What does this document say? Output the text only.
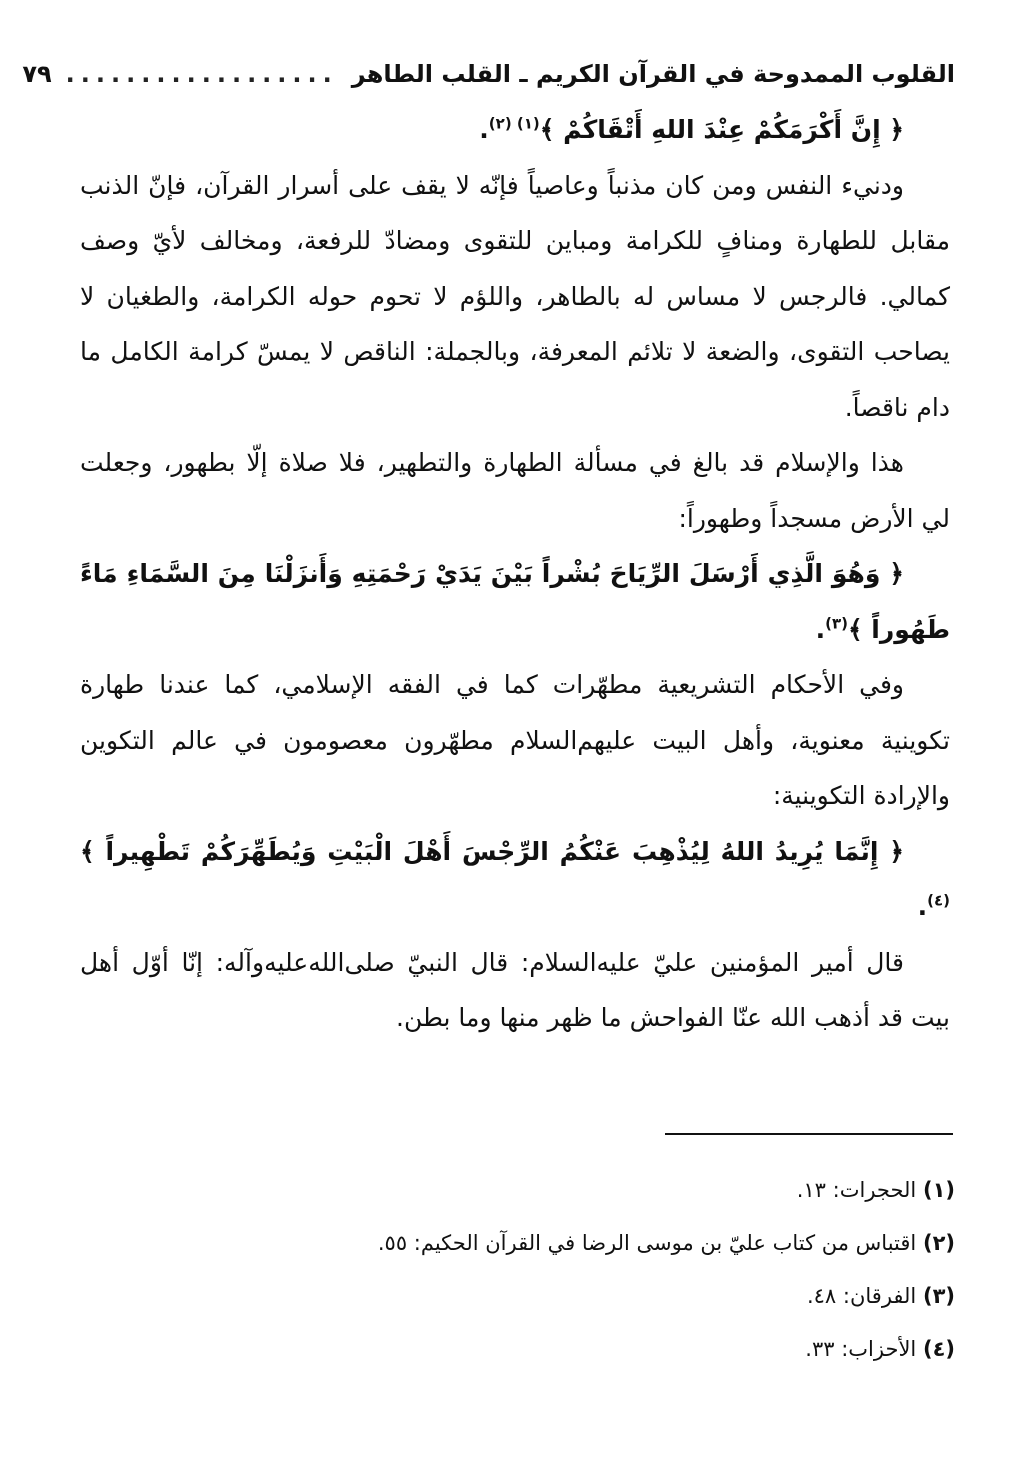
القلوب الممدوحة في القرآن الكريم ـ القلب الطاهر
..................
٧٩

﴿ إِنَّ أَكْرَمَكُمْ عِنْدَ اللهِ أَتْقَاكُمْ ﴾$^{(١) (٢)}$.

ودنيء النفس ومن كان مذنباً وعاصياً فإنّه لا يقف على أسرار القرآن، فإنّ الذنب مقابل للطهارة ومنافٍ للكرامة ومباين للتقوى ومضادّ للرفعة، ومخالف لأيّ وصف كمالي. فالرجس لا مساس له بالطاهر، واللؤم لا تحوم حوله الكرامة، والطغيان لا يصاحب التقوى، والضعة لا تلائم المعرفة، وبالجملة: الناقص لا يمسّ كرامة الكامل ما دام ناقصاً.

هذا والإسلام قد بالغ في مسألة الطهارة والتطهير، فلا صلاة إلّا بطهور، وجعلت لي الأرض مسجداً وطهوراً:

﴿ وَهُوَ الَّذِي أَرْسَلَ الرِّيَاحَ بُشْراً بَيْنَ يَدَيْ رَحْمَتِهِ وَأَنزَلْنَا مِنَ السَّمَاءِ مَاءً طَهُوراً ﴾$^{(٣)}$.

وفي الأحكام التشريعية مطهّرات كما في الفقه الإسلامي، كما عندنا طهارة تكوينية معنوية، وأهل البيت عليهم‌السلام مطهّرون معصومون في عالم التكوين والإرادة التكوينية:

﴿ إِنَّمَا يُرِيدُ اللهُ لِيُذْهِبَ عَنْكُمُ الرِّجْسَ أَهْلَ الْبَيْتِ وَيُطَهِّرَكُمْ تَطْهِيراً ﴾$^{(٤)}$.

قال أمير المؤمنين عليّ عليه‌السلام: قال النبيّ صلى‌الله‌عليه‌وآله: إنّا أوّل أهل بيت قد أذهب الله عنّا الفواحش ما ظهر منها وما بطن.

(١) الحجرات: ١٣.

(٢) اقتباس من كتاب عليّ بن موسى الرضا في القرآن الحكيم: ٥٥.

(٣) الفرقان: ٤٨.

(٤) الأحزاب: ٣٣.
